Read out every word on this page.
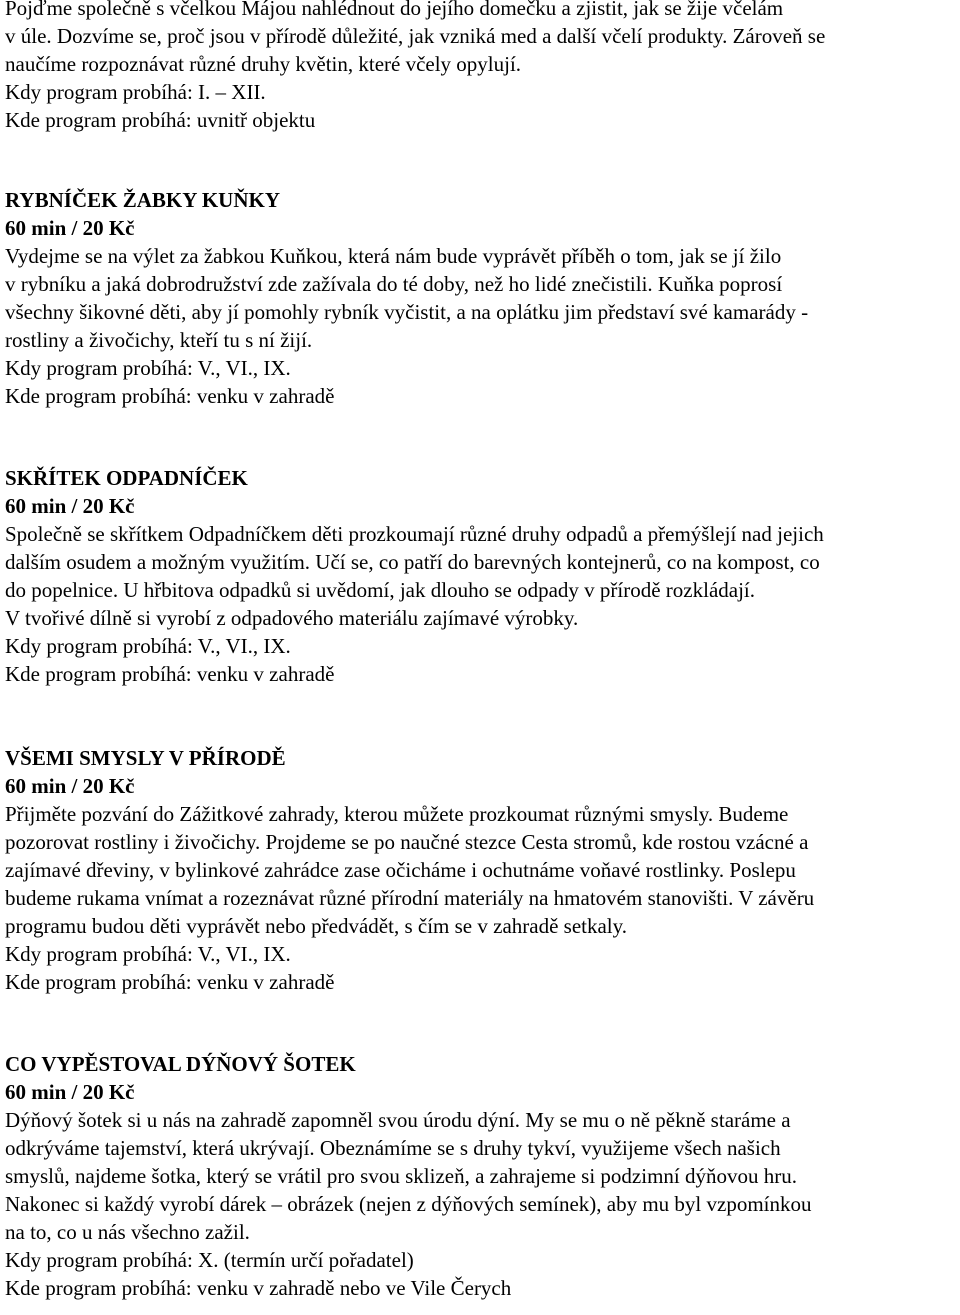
Pojďme společně s včelkou Májou nahlédnout do jejího domečku a zjistit, jak se žije včelám
v úle. Dozvíme se, proč jsou v přírodě důležité, jak vzniká med a další včelí produkty. Zároveň se
naučíme rozpoznávat různé druhy květin, které včely opylují.
Kdy program probíhá: I. – XII.
Kde program probíhá: uvnitř objektu
RYBNÍČEK ŽABKY KUŇKY
60 min / 20 Kč
Vydejme se na výlet za žabkou Kuňkou, která nám bude vyprávět příběh o tom, jak se jí žilo
v rybníku a jaká dobrodružství zde zažívala do té doby, než ho lidé znečistili. Kuňka poprosí
všechny šikovné děti, aby jí pomohly rybník vyčistit, a na oplátku jim představí své kamarády -
rostliny a živočichy, kteří tu s ní žijí.
Kdy program probíhá: V., VI., IX.
Kde program probíhá: venku v zahradě
SKŘÍTEK ODPADNÍČEK
60 min / 20 Kč
Společně se skřítkem Odpadníčkem děti prozkoumají různé druhy odpadů a přemýšlejí nad jejich
dalším osudem a možným využitím. Učí se, co patří do barevných kontejnerů, co na kompost, co
do popelnice. U hřbitova odpadků si uvědomí, jak dlouho se odpady v přírodě rozkládají.
V tvořivé dílně si vyrobí z odpadového materiálu zajímavé výrobky.
Kdy program probíhá: V., VI., IX.
Kde program probíhá: venku v zahradě
VŠEMI SMYSLY V PŘÍRODĚ
60 min / 20 Kč
Přijměte pozvání do Zážitkové zahrady, kterou můžete prozkoumat různými smysly. Budeme
pozorovat rostliny i živočichy. Projdeme se po naučné stezce Cesta stromů, kde rostou vzácné a
zajímavé dřeviny, v bylinkové zahrádce zase očicháme i ochutnáme voňavé rostlinky. Poslepu
budeme rukama vnímat a rozeznávat různé přírodní materiály na hmatovém stanovišti. V závěru
programu budou děti vyprávět nebo předvádět, s čím se v zahradě setkaly.
Kdy program probíhá: V., VI., IX.
Kde program probíhá: venku v zahradě
CO VYPĚSTOVAL DÝŇOVÝ ŠOTEK
60 min / 20 Kč
Dýňový šotek si u nás na zahradě zapomněl svou úrodu dýní. My se mu o ně pěkně staráme a
odkrýváme tajemství, která ukrývají. Obeznámíme se s druhy tykví, využijeme všech našich
smyslů, najdeme šotka, který se vrátil pro svou sklizeň, a zahrajeme si podzimní dýňovou hru.
Nakonec si každý vyrobí dárek – obrázek (nejen z dýňových semínek), aby mu byl vzpomínkou
na to, co u nás všechno zažil.
Kdy program probíhá: X. (termín určí pořadatel)
Kde program probíhá: venku v zahradě nebo ve Vile Čerych
